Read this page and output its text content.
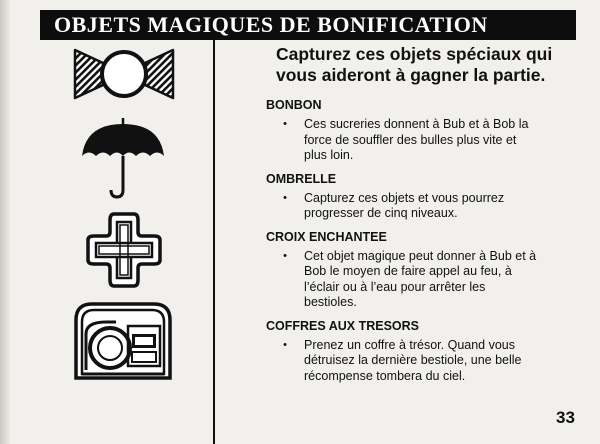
OBJETS MAGIQUES DE BONIFICATION
Capturez ces objets spéciaux qui vous aideront à gagner la partie.
BONBON
•	Ces sucreries donnent à Bub et à Bob la force de souffler des bulles plus vite et plus loin.
OMBRELLE
•	Capturez ces objets et vous pourrez progresser de cinq niveaux.
CROIX ENCHANTEE
•	Cet objet magique peut donner à Bub et à Bob le moyen de faire appel au feu, à l’éclair ou à l’eau pour arrêter les bestioles.
COFFRES AUX TRESORS
•	Prenez un coffre à trésor. Quand vous détruisez la dernière bestiole, une belle récompense tombera du ciel.
33
